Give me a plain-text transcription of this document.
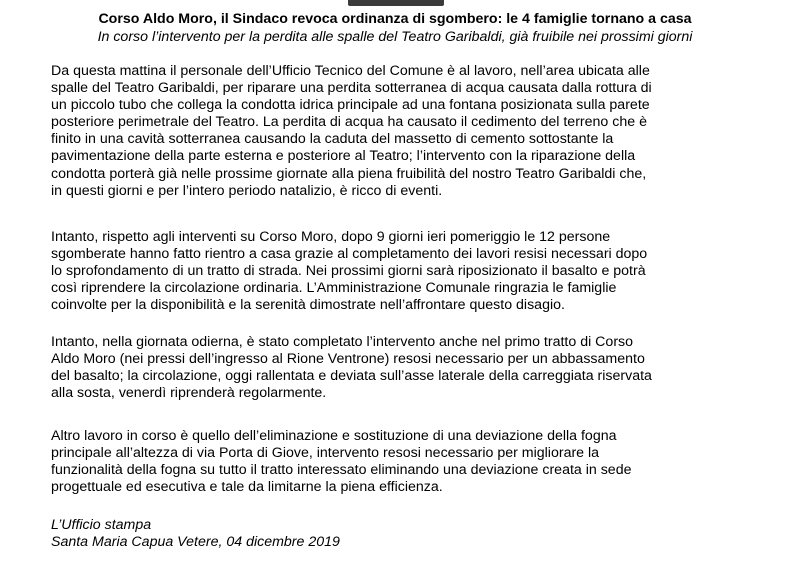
Corso Aldo Moro, il Sindaco revoca ordinanza di sgombero: le 4 famiglie tornano a casa

In corso l’intervento per la perdita alle spalle del Teatro Garibaldi, già fruibile nei prossimi giorni

Da questa mattina il personale dell’Ufficio Tecnico del Comune è al lavoro, nell’area ubicata alle
spalle del Teatro Garibaldi, per riparare una perdita sotterranea di acqua causata dalla rottura di
un piccolo tubo che collega la condotta idrica principale ad una fontana posizionata sulla parete
posteriore perimetrale del Teatro. La perdita di acqua ha causato il cedimento del terreno che è
finito in una cavità sotterranea causando la caduta del massetto di cemento sottostante la
pavimentazione della parte esterna e posteriore al Teatro; l’intervento con la riparazione della
condotta porterà già nelle prossime giornate alla piena fruibilità del nostro Teatro Garibaldi che,
in questi giorni e per l’intero periodo natalizio, è ricco di eventi.
Intanto, rispetto agli interventi su Corso Moro, dopo 9 giorni ieri pomeriggio le 12 persone
sgomberate hanno fatto rientro a casa grazie al completamento dei lavori resisi necessari dopo
lo sprofondamento di un tratto di strada. Nei prossimi giorni sarà riposizionato il basalto e potrà
così riprendere la circolazione ordinaria. L’Amministrazione Comunale ringrazia le famiglie
coinvolte per la disponibilità e la serenità dimostrate nell’affrontare questo disagio.
Intanto, nella giornata odierna, è stato completato l’intervento anche nel primo tratto di Corso
Aldo Moro (nei pressi dell’ingresso al Rione Ventrone) resosi necessario per un abbassamento
del basalto; la circolazione, oggi rallentata e deviata sull’asse laterale della carreggiata riservata
alla sosta, venerdì riprenderà regolarmente.
Altro lavoro in corso è quello dell’eliminazione e sostituzione di una deviazione della fogna
principale all’altezza di via Porta di Giove, intervento resosi necessario per migliorare la
funzionalità della fogna su tutto il tratto interessato eliminando una deviazione creata in sede
progettuale ed esecutiva e tale da limitarne la piena efficienza.
L’Ufficio stampa
Santa Maria Capua Vetere, 04 dicembre 2019
